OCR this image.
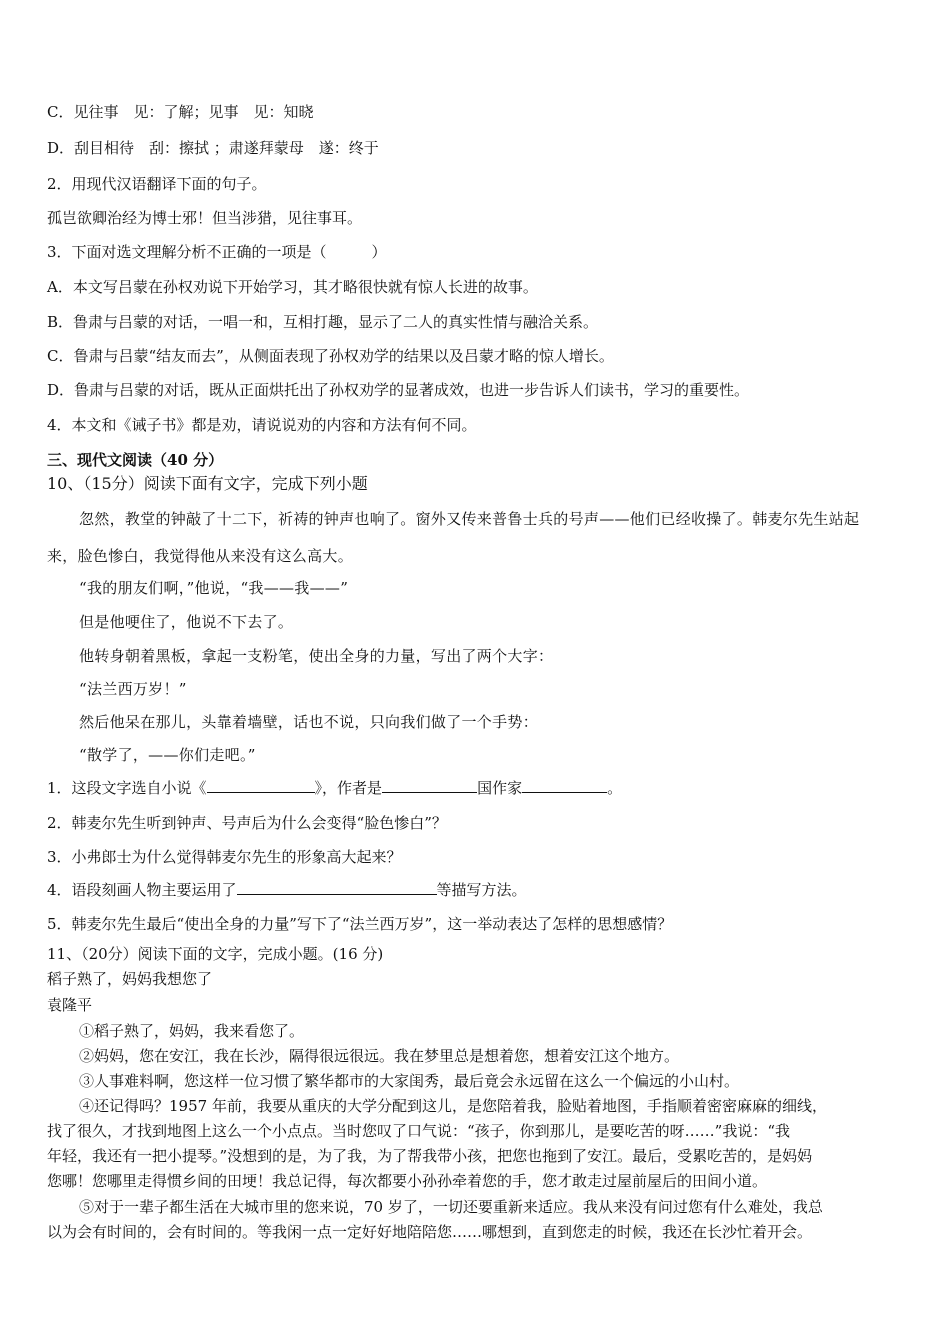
C．见往事　见：了解；见事　见：知晓
D．刮目相待　刮：擦拭 ；肃遂拜蒙母　遂：终于
2．用现代汉语翻译下面的句子。
孤岂欲卿治经为博士邪！但当涉猎，见往事耳。
3．下面对选文理解分析不正确的一项是（　　　）
A．本文写吕蒙在孙权劝说下开始学习，其才略很快就有惊人长进的故事。
B．鲁肃与吕蒙的对话，一唱一和，互相打趣，显示了二人的真实性情与融洽关系。
C．鲁肃与吕蒙“结友而去”，从侧面表现了孙权劝学的结果以及吕蒙才略的惊人增长。
D．鲁肃与吕蒙的对话，既从正面烘托出了孙权劝学的显著成效，也进一步告诉人们读书，学习的重要性。
4．本文和《诫子书》都是劝，请说说劝的内容和方法有何不同。
三、现代文阅读（40 分）
10、（15分）阅读下面有文字，完成下列小题
忽然，教堂的钟敲了十二下，祈祷的钟声也响了。窗外又传来普鲁士兵的号声——他们已经收操了。韩麦尔先生站起
来，脸色惨白，我觉得他从来没有这么高大。
“我的朋友们啊，”他说，“我——我——”
但是他哽住了，他说不下去了。
他转身朝着黑板，拿起一支粉笔，使出全身的力量，写出了两个大字：
“法兰西万岁！”
然后他呆在那儿，头靠着墙壁，话也不说，只向我们做了一个手势：
“散学了，——你们走吧。”
1．这段文字选自小说《	》，作者是	国作家	。
2．韩麦尔先生听到钟声、号声后为什么会变得“脸色惨白”？
3．小弗郎士为什么觉得韩麦尔先生的形象高大起来？
4．语段刻画人物主要运用了	等描写方法。
5．韩麦尔先生最后“使出全身的力量”写下了“法兰西万岁”，这一举动表达了怎样的思想感情？
11、（20分）阅读下面的文字，完成小题。(16 分)
稻子熟了，妈妈我想您了
袁隆平
①稻子熟了，妈妈，我来看您了。
②妈妈，您在安江，我在长沙，隔得很远很远。我在梦里总是想着您，想着安江这个地方。
③人事难料啊，您这样一位习惯了繁华都市的大家闺秀，最后竟会永远留在这么一个偏远的小山村。
④还记得吗？1957 年前，我要从重庆的大学分配到这儿，是您陪着我，脸贴着地图，手指顺着密密麻麻的细线，
找了很久，才找到地图上这么一个小点点。当时您叹了口气说：“孩子，你到那儿，是要吃苦的呀……”我说：“我
年轻，我还有一把小提琴。”没想到的是，为了我，为了帮我带小孩，把您也拖到了安江。最后，受累吃苦的，是妈妈
您哪！您哪里走得惯乡间的田埂！我总记得，每次都要小孙孙牵着您的手，您才敢走过屋前屋后的田间小道。
⑤对于一辈子都生活在大城市里的您来说，70 岁了，一切还要重新来适应。我从来没有问过您有什么难处，我总
以为会有时间的，会有时间的。等我闲一点一定好好地陪陪您……哪想到，直到您走的时候，我还在长沙忙着开会。
